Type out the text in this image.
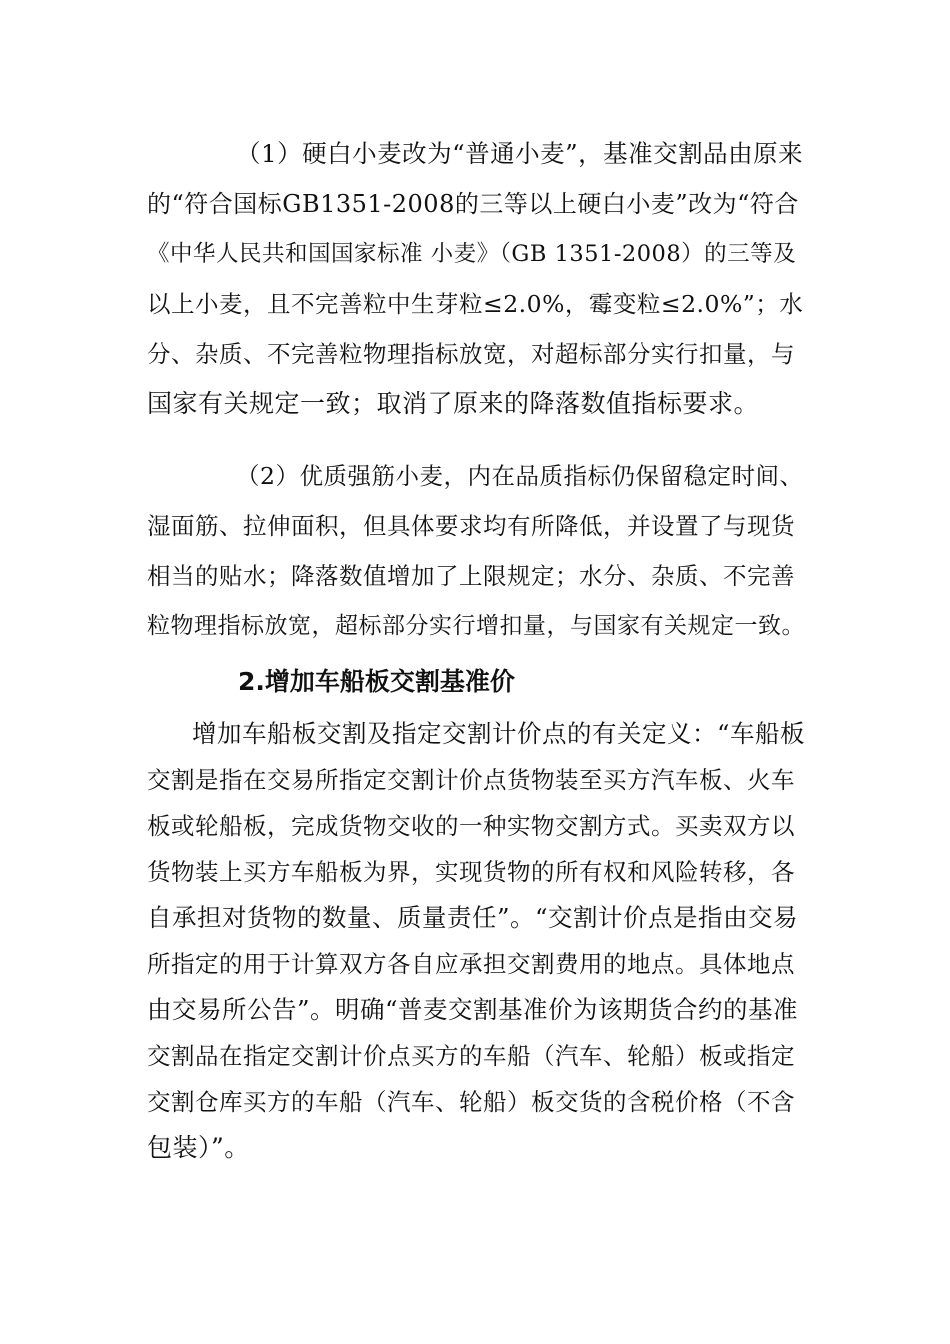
（1）硬白小麦改为“普通小麦”，基准交割品由原来
的“符合国标GB1351-2008的三等以上硬白小麦”改为“符合
《中华人民共和国国家标准 小麦》（GB 1351-2008）的三等及
以上小麦，且不完善粒中生芽粒≤2.0%，霉变粒≤2.0%”；水
分、杂质、不完善粒物理指标放宽，对超标部分实行扣量，与
国家有关规定一致；取消了原来的降落数值指标要求。
（2）优质强筋小麦，内在品质指标仍保留稳定时间、
湿面筋、拉伸面积，但具体要求均有所降低，并设置了与现货
相当的贴水；降落数值增加了上限规定；水分、杂质、不完善
粒物理指标放宽，超标部分实行增扣量，与国家有关规定一致。
2.增加车船板交割基准价
增加车船板交割及指定交割计价点的有关定义：“车船板
交割是指在交易所指定交割计价点货物装至买方汽车板、火车
板或轮船板，完成货物交收的一种实物交割方式。买卖双方以
货物装上买方车船板为界，实现货物的所有权和风险转移，各
自承担对货物的数量、质量责任”。“交割计价点是指由交易
所指定的用于计算双方各自应承担交割费用的地点。具体地点
由交易所公告”。明确“普麦交割基准价为该期货合约的基准
交割品在指定交割计价点买方的车船（汽车、轮船）板或指定
交割仓库买方的车船（汽车、轮船）板交货的含税价格（不含
包装）”。
